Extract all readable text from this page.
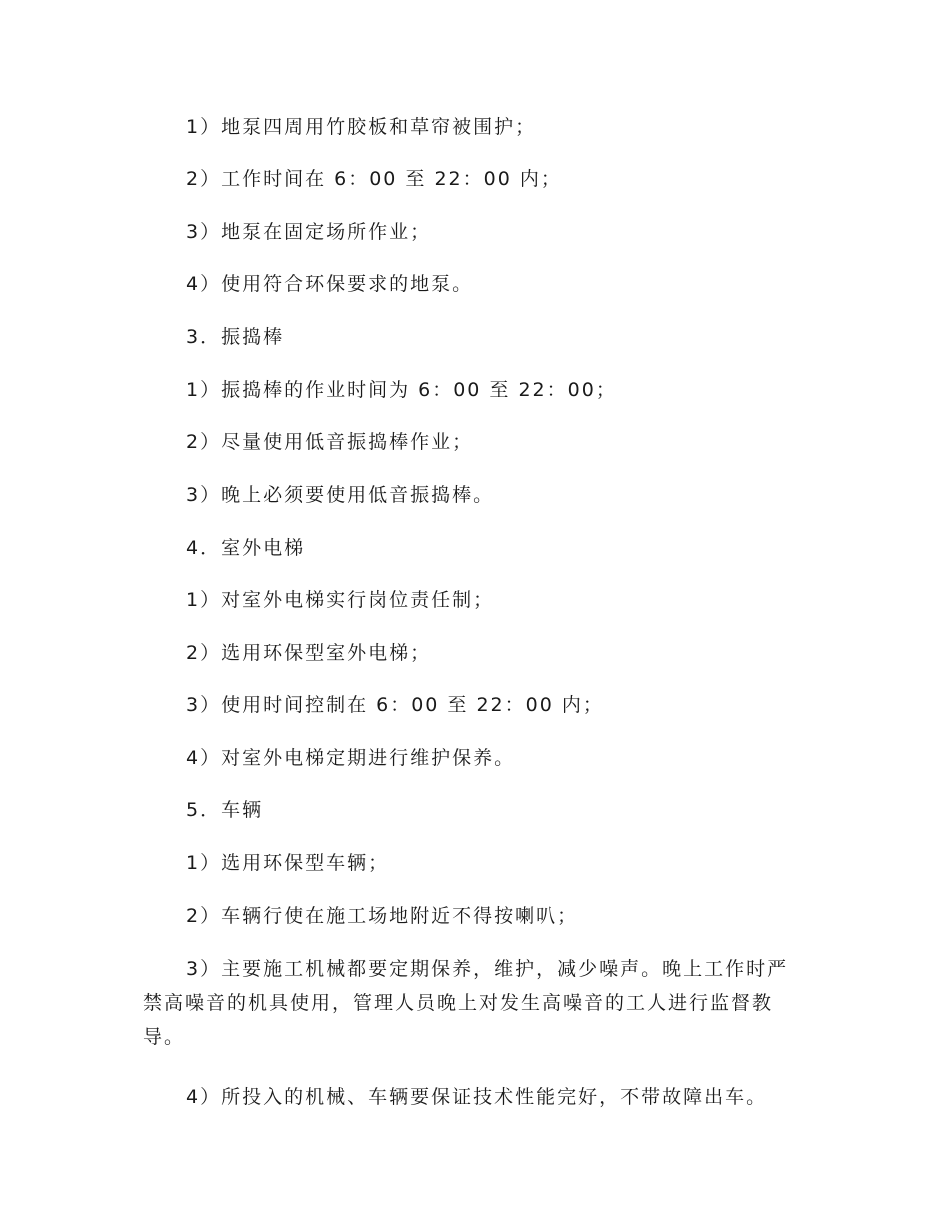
1）地泵四周用竹胶板和草帘被围护；
2）工作时间在 6：00 至 22：00 内；
3）地泵在固定场所作业；
4）使用符合环保要求的地泵。
3．振捣棒
1）振捣棒的作业时间为 6：00 至 22：00；
2）尽量使用低音振捣棒作业；
3）晚上必须要使用低音振捣棒。
4．室外电梯
1）对室外电梯实行岗位责任制；
2）选用环保型室外电梯；
3）使用时间控制在 6：00 至 22：00 内；
4）对室外电梯定期进行维护保养。
5．车辆
1）选用环保型车辆；
2）车辆行使在施工场地附近不得按喇叭；
3）主要施工机械都要定期保养，维护，减少噪声。晚上工作时严禁高噪音的机具使用，管理人员晚上对发生高噪音的工人进行监督教导。
4）所投入的机械、车辆要保证技术性能完好，不带故障出车。
